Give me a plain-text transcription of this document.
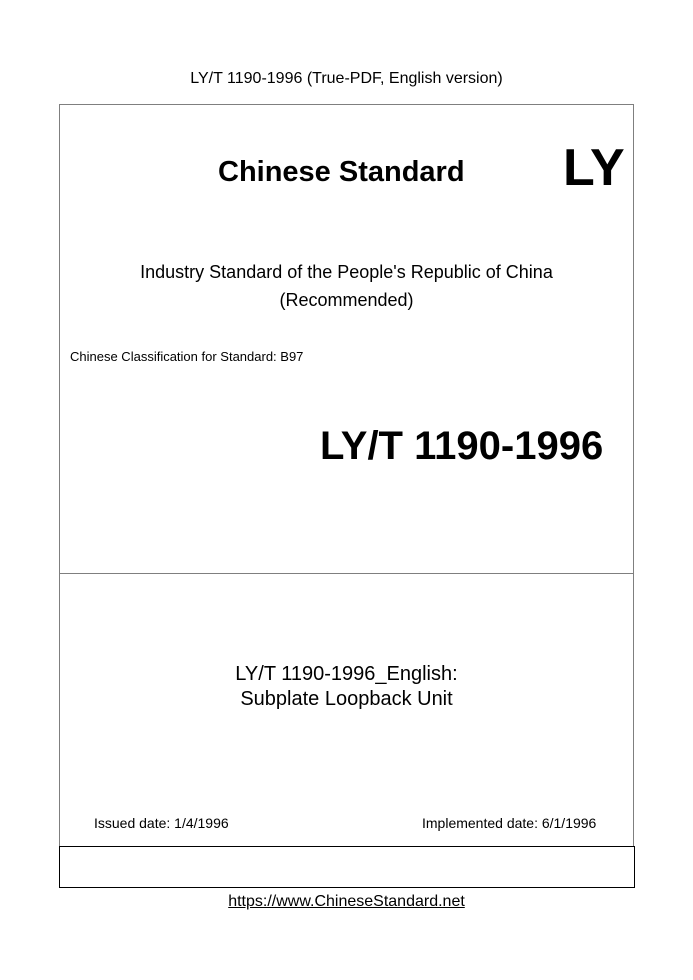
LY/T 1190-1996 (True-PDF, English version)
Chinese Standard LY
Industry Standard of the People's Republic of China
(Recommended)
Chinese Classification for Standard: B97
LY/T 1190-1996
LY/T 1190-1996_English:
Subplate Loopback Unit
Issued date: 1/4/1996	Implemented date: 6/1/1996
https://www.ChineseStandard.net
